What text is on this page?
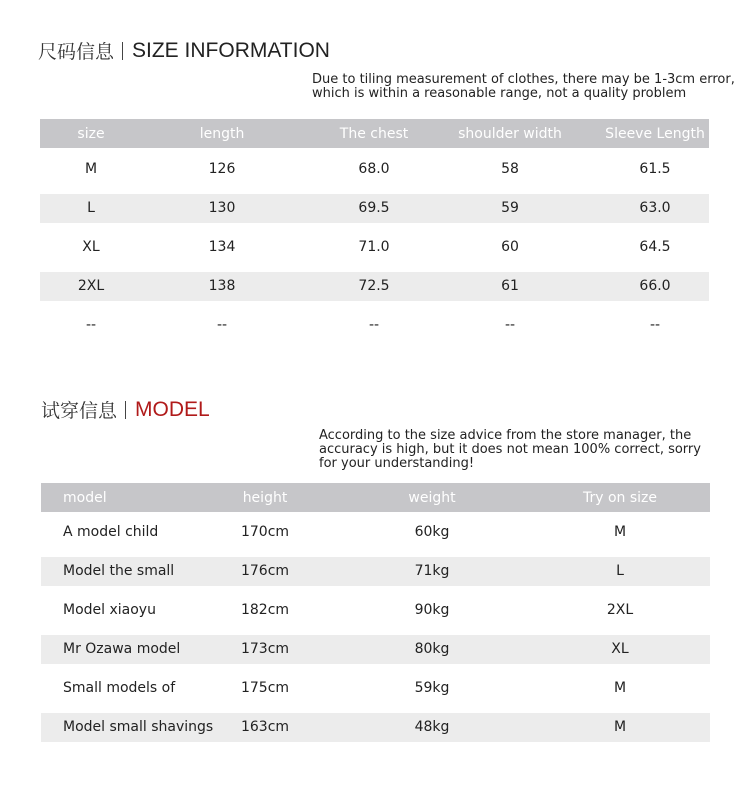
尺码信息 SIZE INFORMATION
Due to tiling measurement of clothes, there may be 1-3cm error,
which is within a reasonable range, not a quality problem
size	length	The chest	shoulder width	Sleeve Length
M	126	68.0	58	61.5
L	130	69.5	59	63.0
XL	134	71.0	60	64.5
2XL	138	72.5	61	66.0
--	--	--	--	--
试穿信息 MODEL
According to the size advice from the store manager, the
accuracy is high, but it does not mean 100% correct, sorry
for your understanding!
model	height	weight	Try on size
A model child	170cm	60kg	M
Model the small	176cm	71kg	L
Model xiaoyu	182cm	90kg	2XL
Mr Ozawa model	173cm	80kg	XL
Small models of	175cm	59kg	M
Model small shavings 163cm	48kg	M
